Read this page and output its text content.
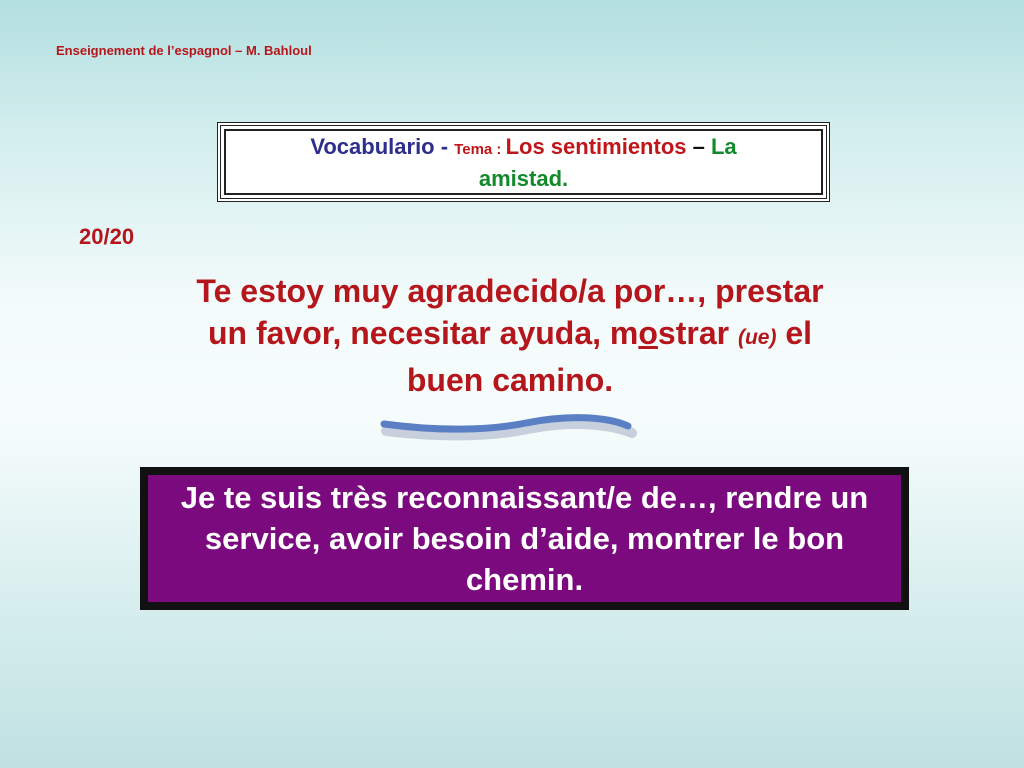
Enseignement de l’espagnol – M. Bahloul
Vocabulario - Tema : Los sentimientos – La
amistad.
20/20
Te estoy muy agradecido/a por…, prestar
un favor, necesitar ayuda, mostrar (ue) el
buen camino.
Je te suis très reconnaissant/e de…, rendre un service, avoir besoin d’aide, montrer le bon chemin.
